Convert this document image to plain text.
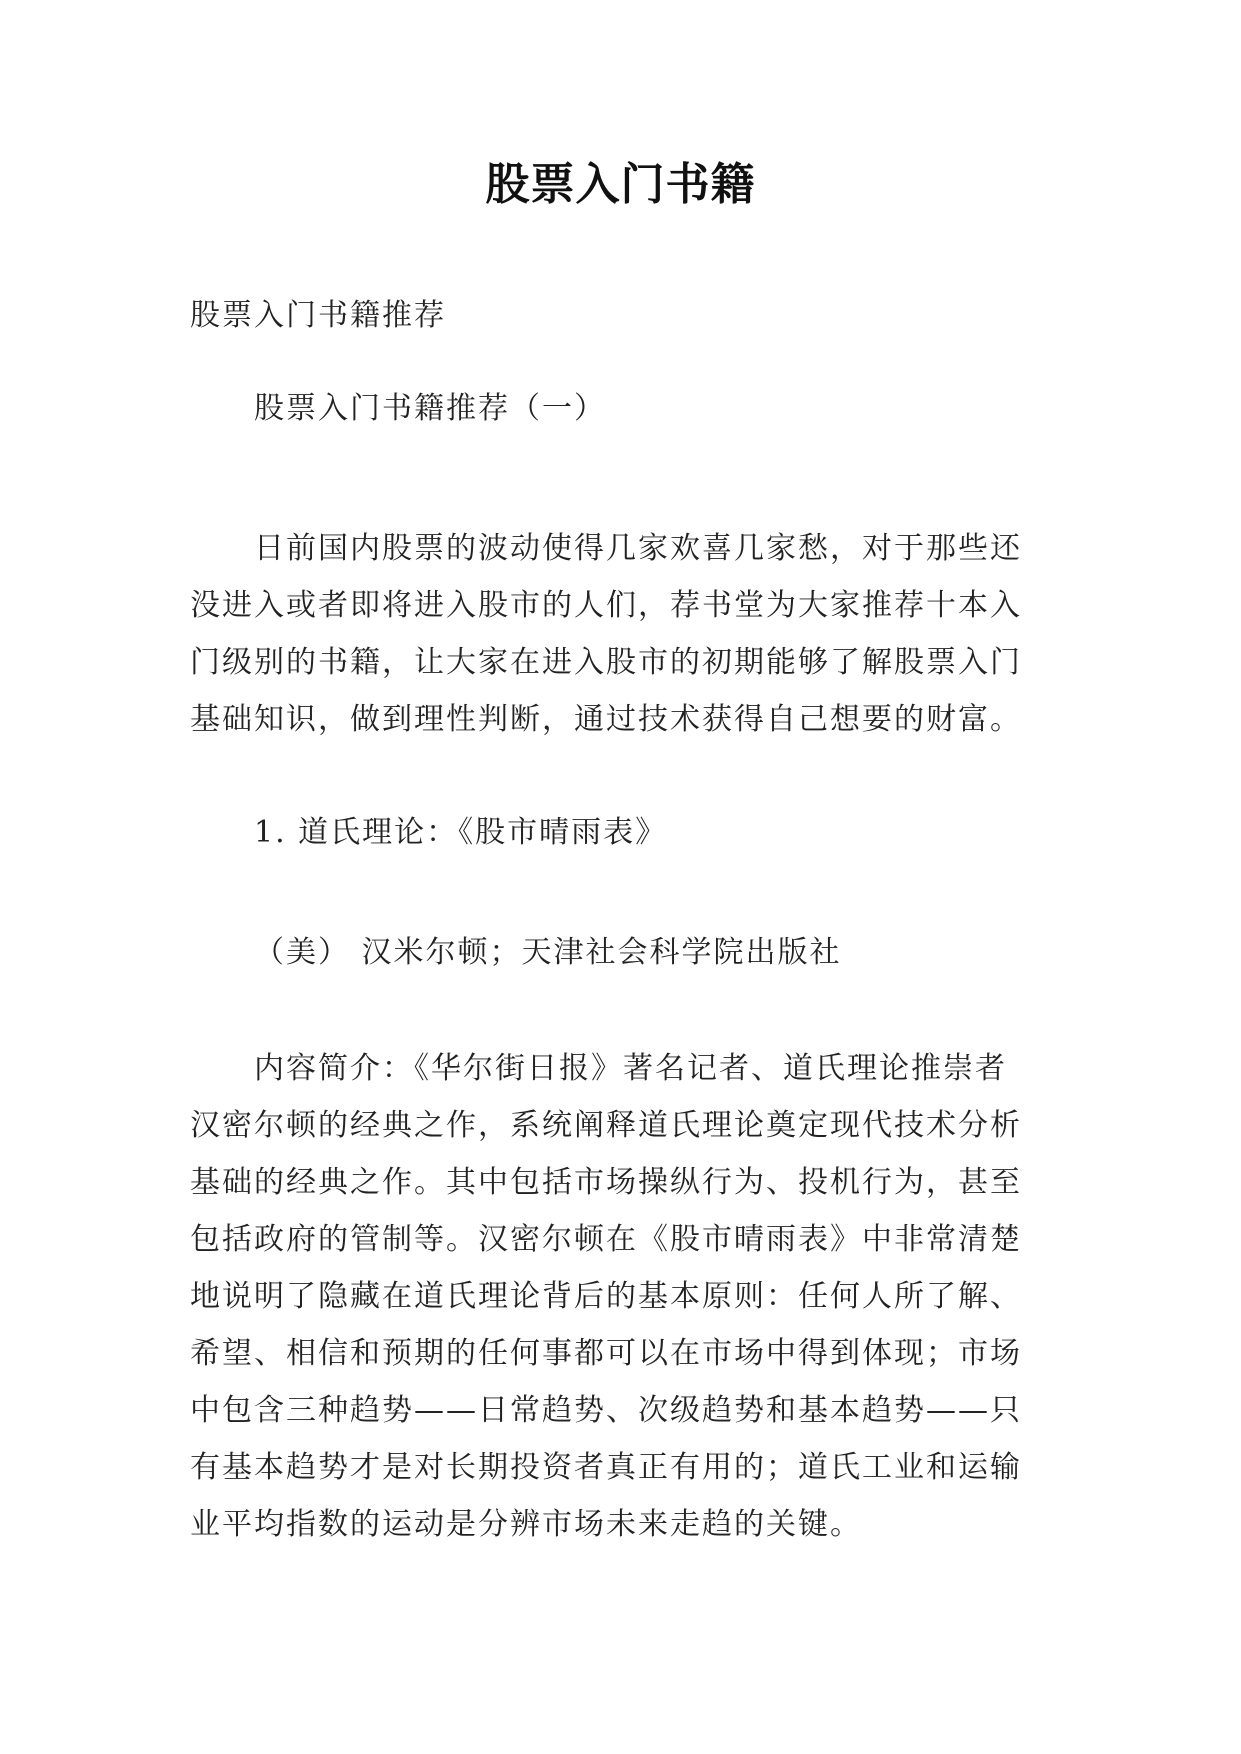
股票入门书籍
股票入门书籍推荐
股票入门书籍推荐（一）
日前国内股票的波动使得几家欢喜几家愁，对于那些还
没进入或者即将进入股市的人们，荐书堂为大家推荐十本入
门级别的书籍，让大家在进入股市的初期能够了解股票入门
基础知识，做到理性判断，通过技术获得自己想要的财富。
1. 道氏理论：《股市晴雨表》
（美） 汉米尔顿；天津社会科学院出版社
内容简介：《华尔街日报》著名记者、道氏理论推崇者
汉密尔顿的经典之作，系统阐释道氏理论奠定现代技术分析
基础的经典之作。其中包括市场操纵行为、投机行为，甚至
包括政府的管制等。汉密尔顿在《股市晴雨表》中非常清楚
地说明了隐藏在道氏理论背后的基本原则：任何人所了解、
希望、相信和预期的任何事都可以在市场中得到体现；市场
中包含三种趋势——日常趋势、次级趋势和基本趋势——只
有基本趋势才是对长期投资者真正有用的；道氏工业和运输
业平均指数的运动是分辨市场未来走趋的关键。
